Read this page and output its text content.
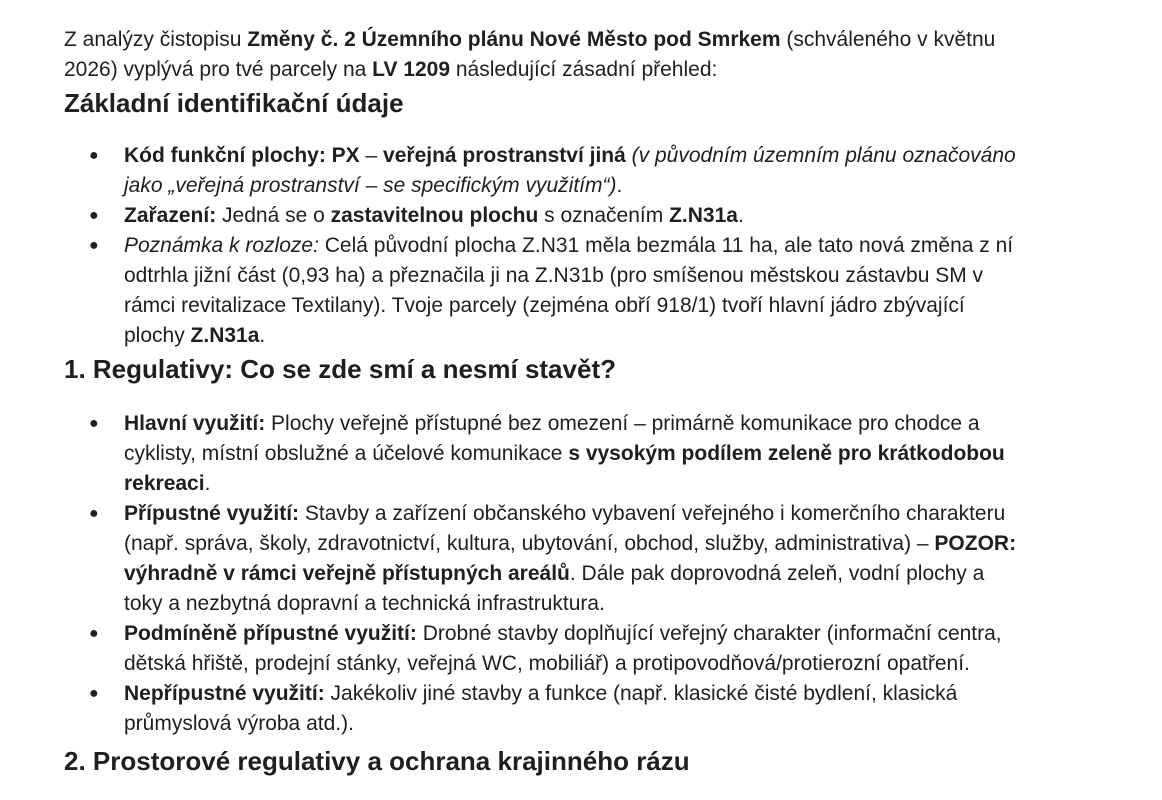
Z analýzy čistopisu Změny č. 2 Územního plánu Nové Město pod Smrkem (schváleného v květnu 2026) vyplývá pro tvé parcely na LV 1209 následující zásadní přehled:

Základní identifikační údaje
● Kód funkční plochy: PX – veřejná prostranství jiná (v původním územním plánu označováno jako „veřejná prostranství – se specifickým využitím“).
● Zařazení: Jedná se o zastavitelnou plochu s označením Z.N31a.
● Poznámka k rozloze: Celá původní plocha Z.N31 měla bezmála 11 ha, ale tato nová změna z ní odtrhla jižní část (0,93 ha) a přeznačila ji na Z.N31b (pro smíšenou městskou zástavbu SM v rámci revitalizace Textilany). Tvoje parcely (zejména obří 918/1) tvoří hlavní jádro zbývající plochy Z.N31a.
1. Regulativy: Co se zde smí a nesmí stavět?
● Hlavní využití: Plochy veřejně přístupné bez omezení – primárně komunikace pro chodce a cyklisty, místní obslužné a účelové komunikace s vysokým podílem zeleně pro krátkodobou rekreaci.
● Přípustné využití: Stavby a zařízení občanského vybavení veřejného i komerčního charakteru (např. správa, školy, zdravotnictví, kultura, ubytování, obchod, služby, administrativa) – POZOR: výhradně v rámci veřejně přístupných areálů. Dále pak doprovodná zeleň, vodní plochy a toky a nezbytná dopravní a technická infrastruktura.
● Podmíněně přípustné využití: Drobné stavby doplňující veřejný charakter (informační centra, dětská hřiště, prodejní stánky, veřejná WC, mobiliář) a protipovodňová/protierozní opatření.
● Nepřípustné využití: Jakékoliv jiné stavby a funkce (např. klasické čisté bydlení, klasická průmyslová výroba atd.).
2. Prostorové regulativy a ochrana krajinného rázu
